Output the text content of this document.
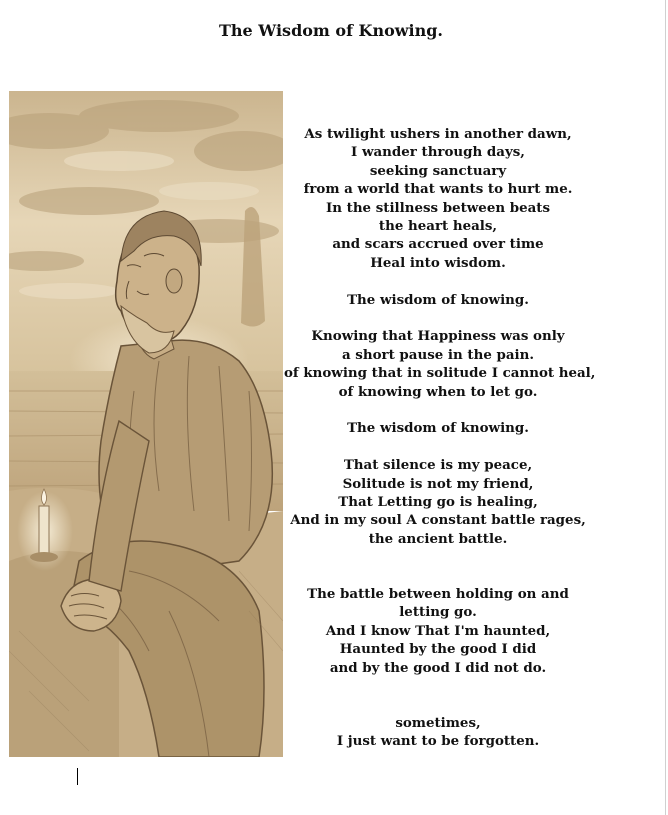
The Wisdom of Knowing.
As twilight ushers in another dawn,
I wander through days,
seeking sanctuary
from a world that wants to hurt me.
In the stillness between beats
the heart heals,
and scars accrued over time
Heal into wisdom.
The wisdom of knowing.
Knowing that Happiness was only
a short pause in the pain.
of knowing that in solitude I cannot heal,
of knowing when to let go.
The wisdom of knowing.
That silence is my peace,
Solitude is not my friend,
That Letting go is healing,
And in my soul A constant battle rages,
the ancient battle.
The battle between holding on and
letting go.
And I know That I'm haunted,
Haunted by the good I did
and by the good I did not do.
sometimes,
I just want to be forgotten.
